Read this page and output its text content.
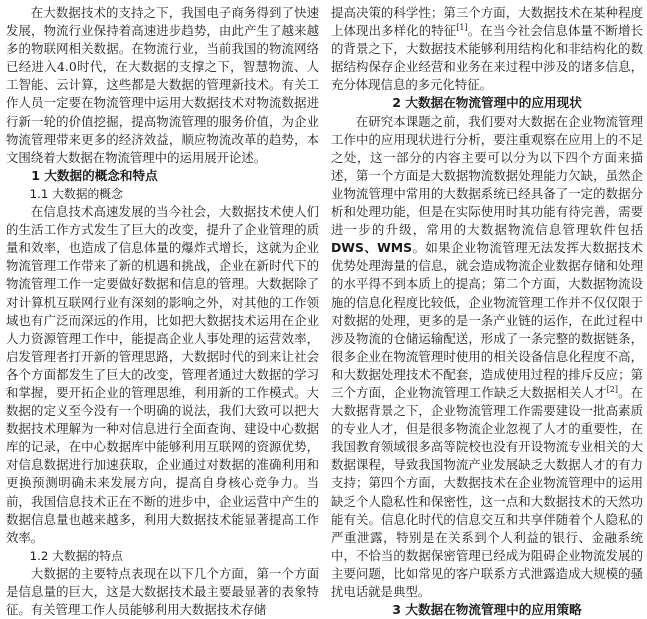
在大数据技术的支持之下，我国电子商务得到了快速发展，物流行业保持着高速进步趋势，由此产生了越来越多的物联网相关数据。在物流行业，当前我国的物流网络已经进入4.0时代，在大数据的支撑之下，智慧物流、人工智能、云计算，这些都是大数据的管理新技术。有关工作人员一定要在物流管理中运用大数据技术对物流数据进行新一轮的价值挖掘，提高物流管理的服务价值，为企业物流管理带来更多的经济效益，顺应物流改革的趋势，本文围绕着大数据在物流管理中的运用展开论述。

1 大数据的概念和特点
1.1 大数据的概念

在信息技术高速发展的当今社会，大数据技术使人们的生活工作方式发生了巨大的改变，提升了企业管理的质量和效率，也造成了信息体量的爆炸式增长，这就为企业物流管理工作带来了新的机遇和挑战，企业在新时代下的物流管理工作一定要做好数据和信息的管理。大数据除了对计算机互联网行业有深刻的影响之外，对其他的工作领域也有广泛而深远的作用，比如把大数据技术运用在企业人力资源管理工作中，能提高企业人事处理的运营效率，启发管理者打开新的管理思路，大数据时代的到来让社会各个方面都发生了巨大的改变，管理者通过大数据的学习和掌握，要开拓企业的管理思维，利用新的工作模式。大数据的定义至今没有一个明确的说法，我们大致可以把大数据技术理解为一种对信息进行全面查询、建设中心数据库的记录，在中心数据库中能够利用互联网的资源优势，对信息数据进行加速获取，企业通过对数据的准确利用和更换预测明确未来发展方向，提高自身核心竞争力。当前，我国信息技术正在不断的进步中，企业运营中产生的数据信息量也越来越多，利用大数据技术能显著提高工作效率。

1.2 大数据的特点

大数据的主要特点表现在以下几个方面，第一个方面是信息量的巨大，这是大数据技术最主要最显著的表象特征。有关管理工作人员能够利用大数据技术存储

提高决策的科学性；第三个方面，大数据技术在某种程度上体现出多样化的特征[1]。在当今社会信息体量不断增长的背景之下，大数据技术能够利用结构化和非结构化的数据结构保存企业经营和业务在来过程中涉及的诸多信息，充分体现信息的多元化特征。

2 大数据在物流管理中的应用现状

在研究本课题之前，我们要对大数据在企业物流管理工作中的应用现状进行分析，要注重观察在应用上的不足之处，这一部分的内容主要可以分为以下四个方面来描述，第一个方面是大数据物流数据处理能力欠缺，虽然企业物流管理中常用的大数据系统已经具备了一定的数据分析和处理功能，但是在实际使用时其功能有待完善，需要进一步的升级，常用的大数据物流信息管理软件包括DWS、WMS。如果企业物流管理无法发挥大数据技术优势处理海量的信息，就会造成物流企业数据存储和处理的水平得不到本质上的提高；第二个方面，大数据物流设施的信息化程度比较低，企业物流管理工作并不仅仅限于对数据的处理，更多的是一条产业链的运作，在此过程中涉及物流的仓储运输配送，形成了一条完整的数据链条，很多企业在物流管理时使用的相关设备信息化程度不高，和大数据处理技术不配套，造成使用过程的排斥反应；第三个方面，企业物流管理工作缺乏大数据相关人才[2]。在大数据背景之下，企业物流管理工作需要建设一批高素质的专业人才，但是很多物流企业忽视了人才的重要性，在我国教育领域很多高等院校也没有开设物流专业相关的大数据课程，导致我国物流产业发展缺乏大数据人才的有力支持；第四个方面，大数据技术在企业物流管理中的运用缺乏个人隐私性和保密性，这一点和大数据技术的天然功能有关。信息化时代的信息交互和共享伴随着个人隐私的严重泄露，特别是在关系到个人利益的银行、金融系统中，不恰当的数据保密管理已经成为阻碍企业物流发展的主要问题，比如常见的客户联系方式泄露造成大规模的骚扰电话就是典型。

3 大数据在物流管理中的应用策略
